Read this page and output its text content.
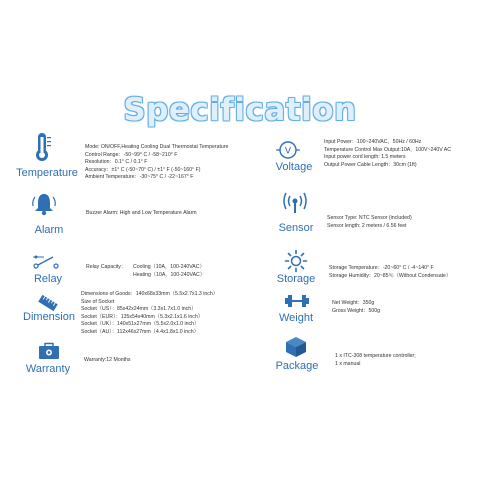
Specification
Temperature
Mode: ON/OFF,Heating Cooling Dual Thermostat Temperature
Control Range：-50~99° C / -58~210° F
Resolution：0.1° C / 0.1° F
Accuracy：±1° C (-50~70° C) / ±1° F (-50~160° F)
Ambient Temperature：-30~75° C / -22~167° F
V
Voltage
Input Power：100~240VAC，50Hz / 60Hz
Temperature Control Max Output:10A，100V~240V AC
Input power cord length: 1.5 meters
Output Power Cable Length：30cm (1ft)
Alarm
Buzzer Alarm: High and Low Temperature Alarm
Sensor
Sensor Type: NTC Sensor (included)
Sensor length: 2 meters / 6.56 feet
Relay
Relay Capacity：	Cooling（10A，100-240VAC）
Heating（10A，100-240VAC）	Storage
Storage Temperature：-20~60° C / -4~140° F
Storage Humidity：20~85％（Without Condensate）
Dimension
Dimensions of Goods：140x68x33mm（5.5x2.7x1.3 inch）
Size of Socket
Socket（US）：85x42x24mm（3.3x1.7x1.0 inch）
Socket（EUR）：135x54x40mm（5.3x2.1x1.6 inch）
Socket（UK）：140x51x27mm（5.5x2.0x1.0 inch）
Socket（AU）：112x46x27mm（4.4x1.8x1.0 inch）
Weight
Net Weight：350g
Gross Weight：500g
Warranty
Warranty:12 Months	Package
1 x ITC-308 temperature controller;
1 x manual
